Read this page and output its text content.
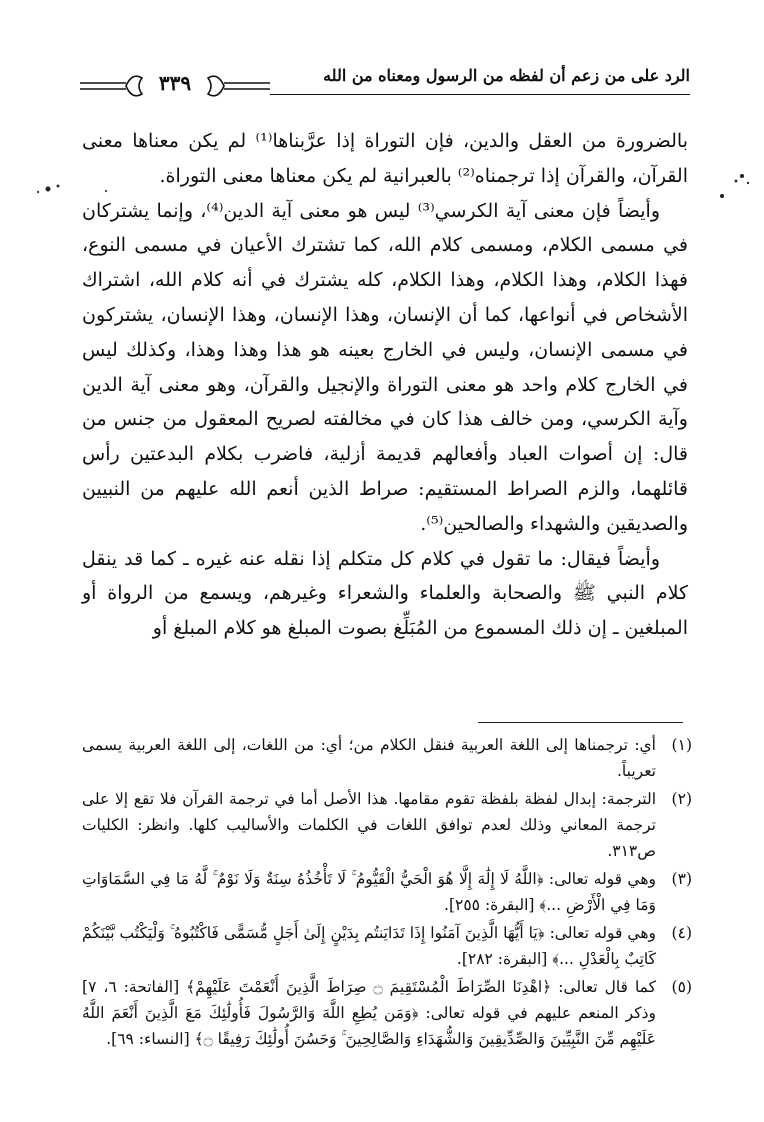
الرد على من زعم أن لفظه من الرسول ومعناه من الله
٣٣٩

بالضرورة من العقل والدين، فإن التوراة إذا عرَّبناها⁽¹⁾ لم يكن معناها معنى القرآن، والقرآن إذا ترجمناه⁽²⁾ بالعبرانية لم يكن معناها معنى التوراة.

وأيضاً فإن معنى آية الكرسي⁽³⁾ ليس هو معنى آية الدين⁽⁴⁾، وإنما يشتركان في مسمى الكلام، ومسمى كلام الله، كما تشترك الأعيان في مسمى النوع، فهذا الكلام، وهذا الكلام، وهذا الكلام، كله يشترك في أنه كلام الله، اشتراك الأشخاص في أنواعها، كما أن الإنسان، وهذا الإنسان، وهذا الإنسان، يشتركون في مسمى الإنسان، وليس في الخارج بعينه هو هذا وهذا وهذا، وكذلك ليس في الخارج كلام واحد هو معنى التوراة والإنجيل والقرآن، وهو معنى آية الدين وآية الكرسي، ومن خالف هذا كان في مخالفته لصريح المعقول من جنس من قال: إن أصوات العباد وأفعالهم قديمة أزلية، فاضرب بكلام البدعتين رأس قائلهما، والزم الصراط المستقيم: صراط الذين أنعم الله عليهم من النبيين والصديقين والشهداء والصالحين⁽⁵⁾.

وأيضاً فيقال: ما تقول في كلام كل متكلم إذا نقله عنه غيره ـ كما قد ينقل كلام النبي ﷺ والصحابة والعلماء والشعراء وغيرهم، ويسمع من الرواة أو المبلغين ـ إن ذلك المسموع من المُبَلِّغ بصوت المبلغ هو كلام المبلغ أو

(١)
أي: ترجمناها إلى اللغة العربية فنقل الكلام من؛ أي: من اللغات، إلى اللغة العربية يسمى تعريباً.
(٢)
الترجمة: إبدال لفظة بلفظة تقوم مقامها. هذا الأصل أما في ترجمة القرآن فلا تقع إلا على ترجمة المعاني وذلك لعدم توافق اللغات في الكلمات والأساليب كلها. وانظر: الكليات ص٣١٣.
(٣)
وهي قوله تعالى: ﴿اللَّهُ لَا إِلَٰهَ إِلَّا هُوَ الْحَيُّ الْقَيُّومُ ۚ لَا تَأْخُذُهُ سِنَةٌ وَلَا نَوْمٌ ۚ لَّهُ مَا فِي السَّمَاوَاتِ وَمَا فِي الْأَرْضِ ...﴾ [البقرة: ٢٥٥].
(٤)
وهي قوله تعالى: ﴿يَا أَيُّهَا الَّذِينَ آمَنُوا إِذَا تَدَايَنتُم بِدَيْنٍ إِلَىٰ أَجَلٍ مُّسَمًّى فَاكْتُبُوهُ ۚ وَلْيَكْتُب بَّيْنَكُمْ كَاتِبٌ بِالْعَدْلِ ...﴾ [البقرة: ٢٨٢].
(٥)
كما قال تعالى: ﴿اهْدِنَا الصِّرَاطَ الْمُسْتَقِيمَ ۝ صِرَاطَ الَّذِينَ أَنْعَمْتَ عَلَيْهِمْ﴾ [الفاتحة: ٦، ٧] وذكر المنعم عليهم في قوله تعالى: ﴿وَمَن يُطِعِ اللَّهَ وَالرَّسُولَ فَأُولَٰئِكَ مَعَ الَّذِينَ أَنْعَمَ اللَّهُ عَلَيْهِم مِّنَ النَّبِيِّينَ وَالصِّدِّيقِينَ وَالشُّهَدَاءِ وَالصَّالِحِينَ ۚ وَحَسُنَ أُولَٰئِكَ رَفِيقًا ۝﴾ [النساء: ٦٩].
